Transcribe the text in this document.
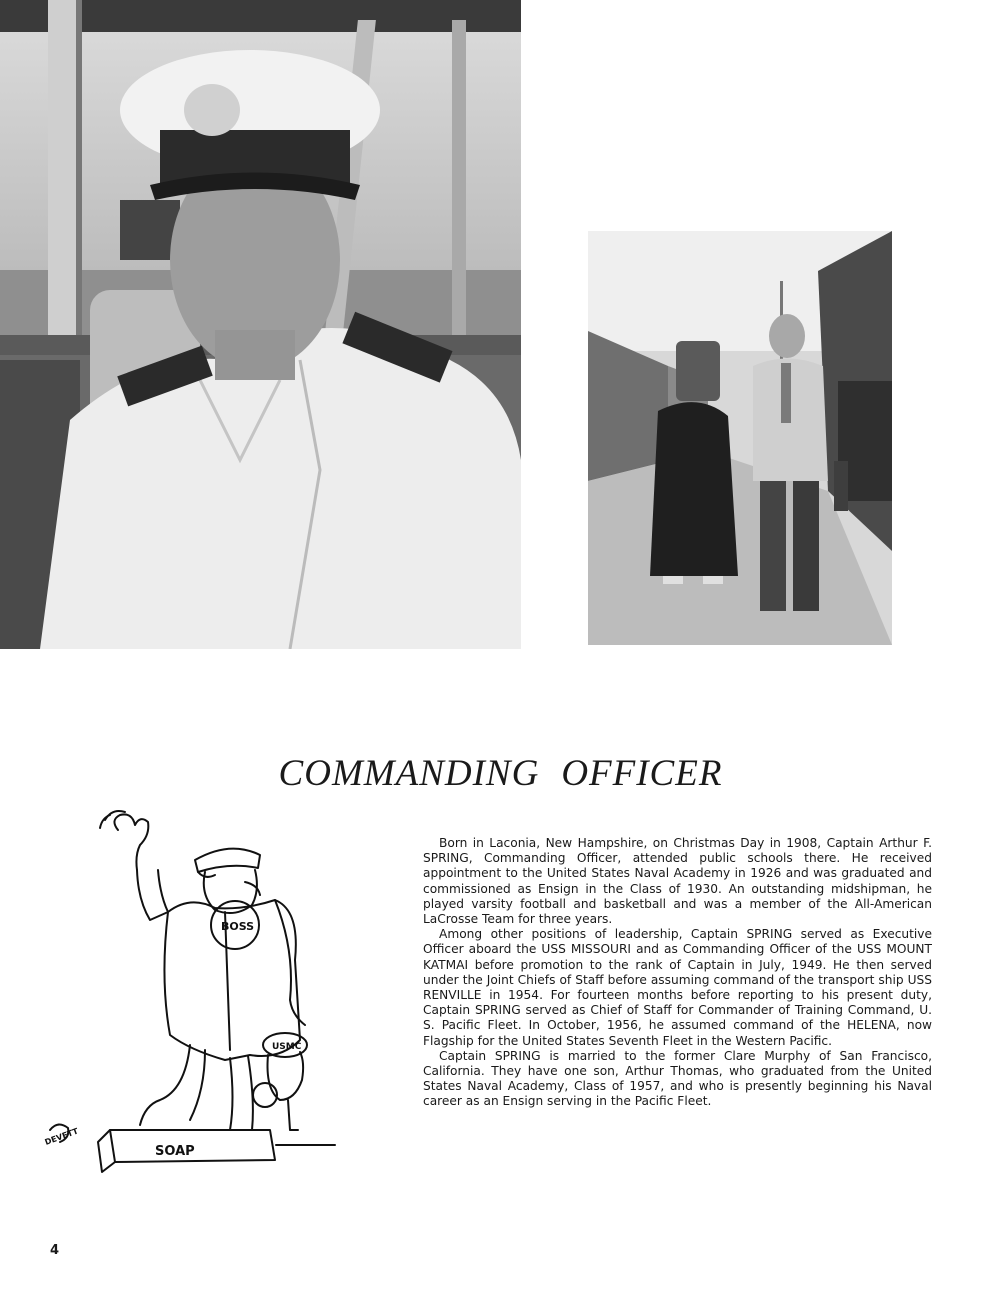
COMMANDING OFFICER
BOSS
USMC
SOAP
DEVETT

Born in Laconia, New Hampshire, on Christmas Day in 1908, Captain Arthur F. SPRING, Commanding Officer, attended public schools there. He received appointment to the United States Naval Academy in 1926 and was graduated and commissioned as Ensign in the Class of 1930. An outstanding midshipman, he played varsity football and basketball and was a member of the All-American LaCrosse Team for three years.

Among other positions of leadership, Captain SPRING served as Executive Officer aboard the USS MISSOURI and as Commanding Officer of the USS MOUNT KATMAI before promotion to the rank of Captain in July, 1949. He then served under the Joint Chiefs of Staff before assuming command of the transport ship USS RENVILLE in 1954. For fourteen months before reporting to his present duty, Captain SPRING served as Chief of Staff for Commander of Training Command, U. S. Pacific Fleet. In October, 1956, he assumed command of the HELENA, now Flagship for the United States Seventh Fleet in the Western Pacific.

Captain SPRING is married to the former Clare Murphy of San Francisco, California. They have one son, Arthur Thomas, who graduated from the United States Naval Academy, Class of 1957, and who is presently beginning his Naval career as an Ensign serving in the Pacific Fleet.

4
